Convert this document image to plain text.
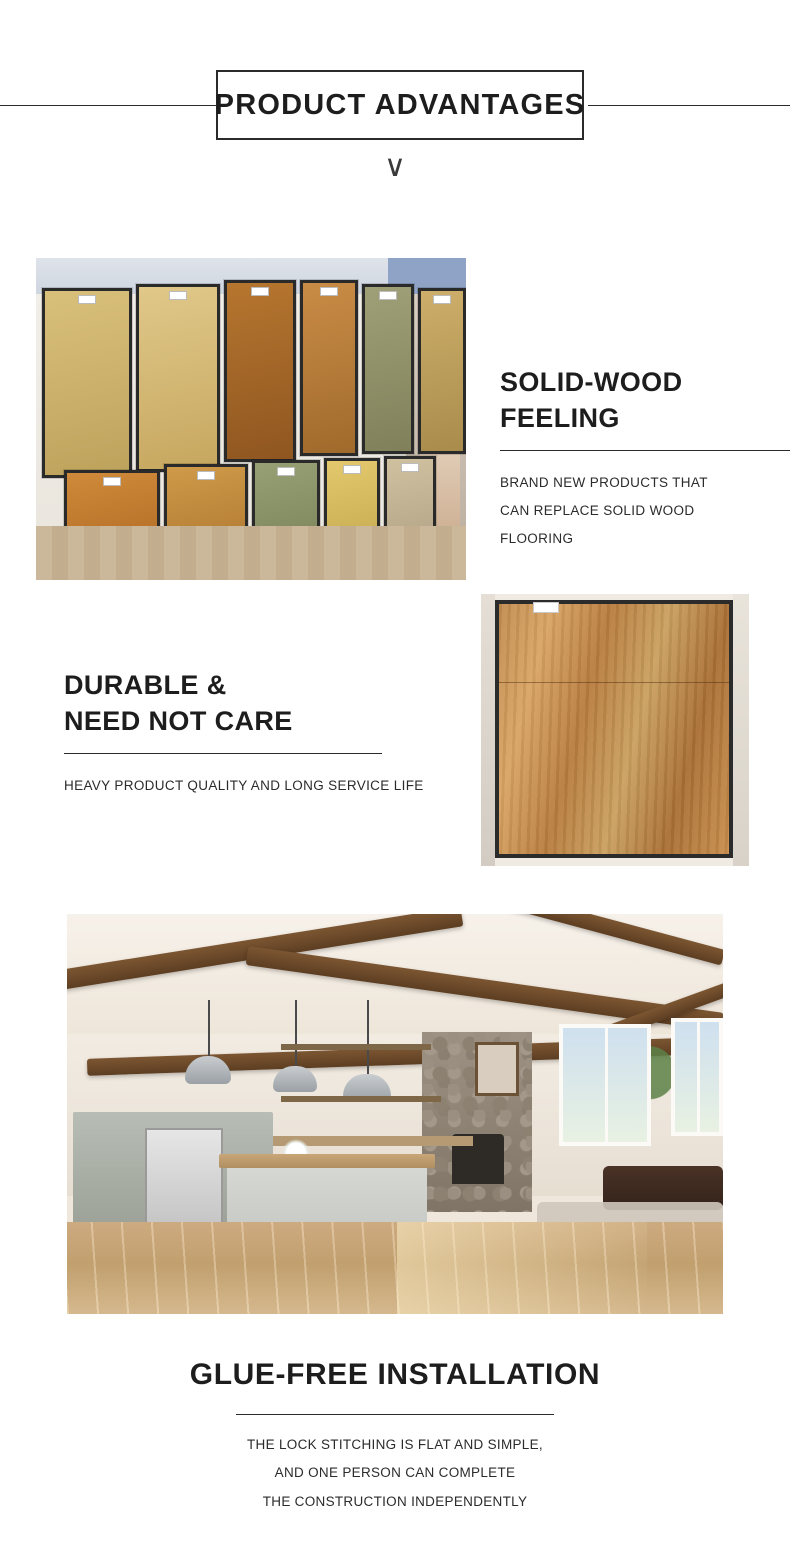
PRODUCT ADVANTAGES
∨
SOLID-WOOD
FEELING
BRAND NEW PRODUCTS THAT
CAN REPLACE SOLID WOOD
FLOORING
DURABLE &
NEED NOT CARE
HEAVY PRODUCT QUALITY AND LONG SERVICE LIFE
GLUE-FREE INSTALLATION
THE LOCK STITCHING IS FLAT AND SIMPLE,
AND ONE PERSON CAN COMPLETE
THE CONSTRUCTION INDEPENDENTLY
